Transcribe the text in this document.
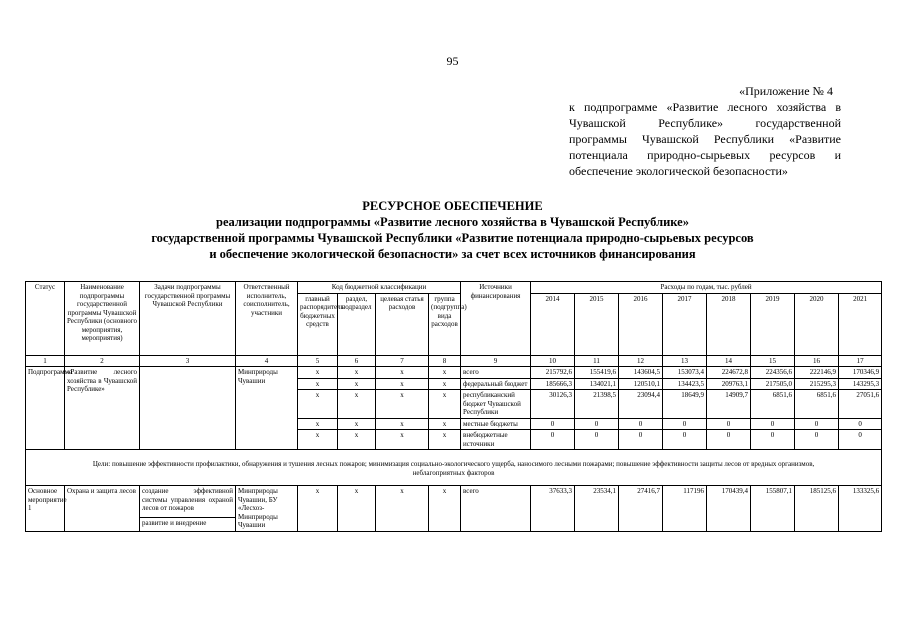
95
«Приложение № 4
к подпрограмме «Развитие лесного хозяйства в Чувашской Республике» государственной программы Чувашской Республики «Развитие потенциала природно-сырьевых ресурсов и обеспечение экологической безопасности»
РЕСУРСНОЕ ОБЕСПЕЧЕНИЕ
реализации подпрограммы «Развитие лесного хозяйства в Чувашской Республике»
государственной программы Чувашской Республики «Развитие потенциала природно-сырьевых ресурсов
и обеспечение экологической безопасности» за счет всех источников финансирования
Статус	Наименование подпрограммы государственной программы Чувашской Республики (основного мероприятия, мероприятия)	Задачи подпрограммы государственной программы Чувашской Республики	Ответственный исполнитель, соисполнитель, участники	Код бюджетной классификации				Источники финансирования	Расходы по годам, тыс. рублей							
				главный распорядитель бюджетных средств	раздел, подраздел	целевая статья расходов	группа (подгруппа) вида расходов		2014	2015	2016	2017	2018	2019	2020	2021
1	2	3	4	5	6	7	8	9	10	11	12	13	14	15	16	17
Подпрограмма	«Развитие лесного хозяйства в Чувашской Республике»		Минприроды Чувашии	x	x	x	x	всего	215792,6	155419,6	143604,5	153073,4	224672,8	224356,6	222146,9	170346,9
				x	x	x	x	федеральный бюджет	185666,3	134021,1	120510,1	134423,5	209763,1	217505,0	215295,3	143295,3
				x	x	x	x	республиканский бюджет Чувашской Республики	30126,3	21398,5	23094,4	18649,9	14909,7	6851,6	6851,6	27051,6
				x	x	x	x	местные бюджеты	0	0	0	0	0	0	0	0
				x	x	x	x	внебюджетные источники	0	0	0	0	0	0	0	0
Цели: повышение эффективности профилактики, обнаружения и тушения лесных пожаров; минимизация социально-экологического ущерба, наносимого лесными пожарами; повышение эффективности защиты лесов от вредных организмов, неблагоприятных факторов																
Основное мероприятие 1	Охрана и защита лесов	создание эффективной системы управления охраной лесов от пожаров	Минприроды Чувашии, БУ «Лесхоз-Минприроды Чувашии	x	x	x	x	всего	37633,3	23534,1	27416,7	117196	170439,4	155807,1	185125,6	133325,6
		развитие и внедрение														
